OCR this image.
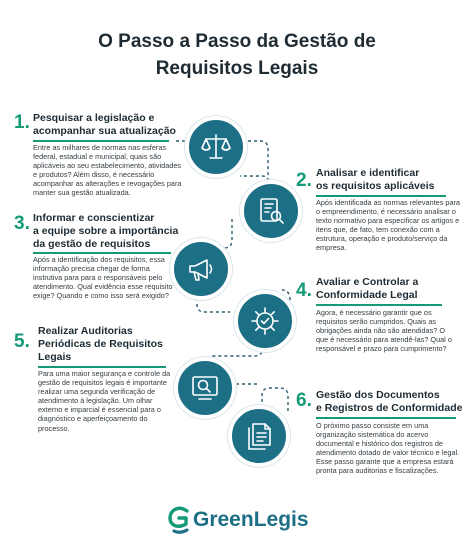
O Passo a Passo da Gestão de
Requisitos Legais
1. Pesquisar a legislação e
acompanhar sua atualização
Entre as milhares de normas nas esferas federal, estadual e municipal, quais são aplicáveis ao seu estabelecimento, atividades e produtos? Além disso, é necessário acompanhar as alterações e revogações para manter sua gestão atualizada.
2. Analisar e identificar
os requisitos aplicáveis
Após identificada as normas relevantes para o empreendimento, é necessário analisar o texto normativo para especificar os artigos e itens que, de fato, tem conexão com a estrutura, operação e produto/serviço da empresa.
3. Informar e conscientizar
a equipe sobre a importância
da gestão de requisitos
Após a identificação dos requisitos, essa informação precisa chegar de forma instrutiva para para o responsáveis pelo atendimento. Qual evidência esse requisito exige? Quando e como isso será exigido?	4. Avaliar e Controlar a
Conformidade Legal
Agora, é necessário garantir que os requisitos serão cumpridos. Quais as obrigações ainda não são atendidas? O que é necessário para atendê-las? Qual o responsável e prazo para cumprimento?
5. Realizar Auditorias
Periódicas de Requisitos
Legais
Para uma maior segurança e controle da gestão de requisitos legais é importante realizar uma segunda verificação de atendimento à legislação. Um olhar externo e imparcial é essencial para o diagnóstico e aperfeiçoamento do processo.
6. Gestão dos Documentos
e Registros de Conformidade
O próximo passo consiste em uma organização sistemática do acervo documental e histórico dos registros de atendimento dotado de valor técnico e legal. Esse passo garante que a empresa estará pronta para auditorias e fiscalizações.
GreenLegis
